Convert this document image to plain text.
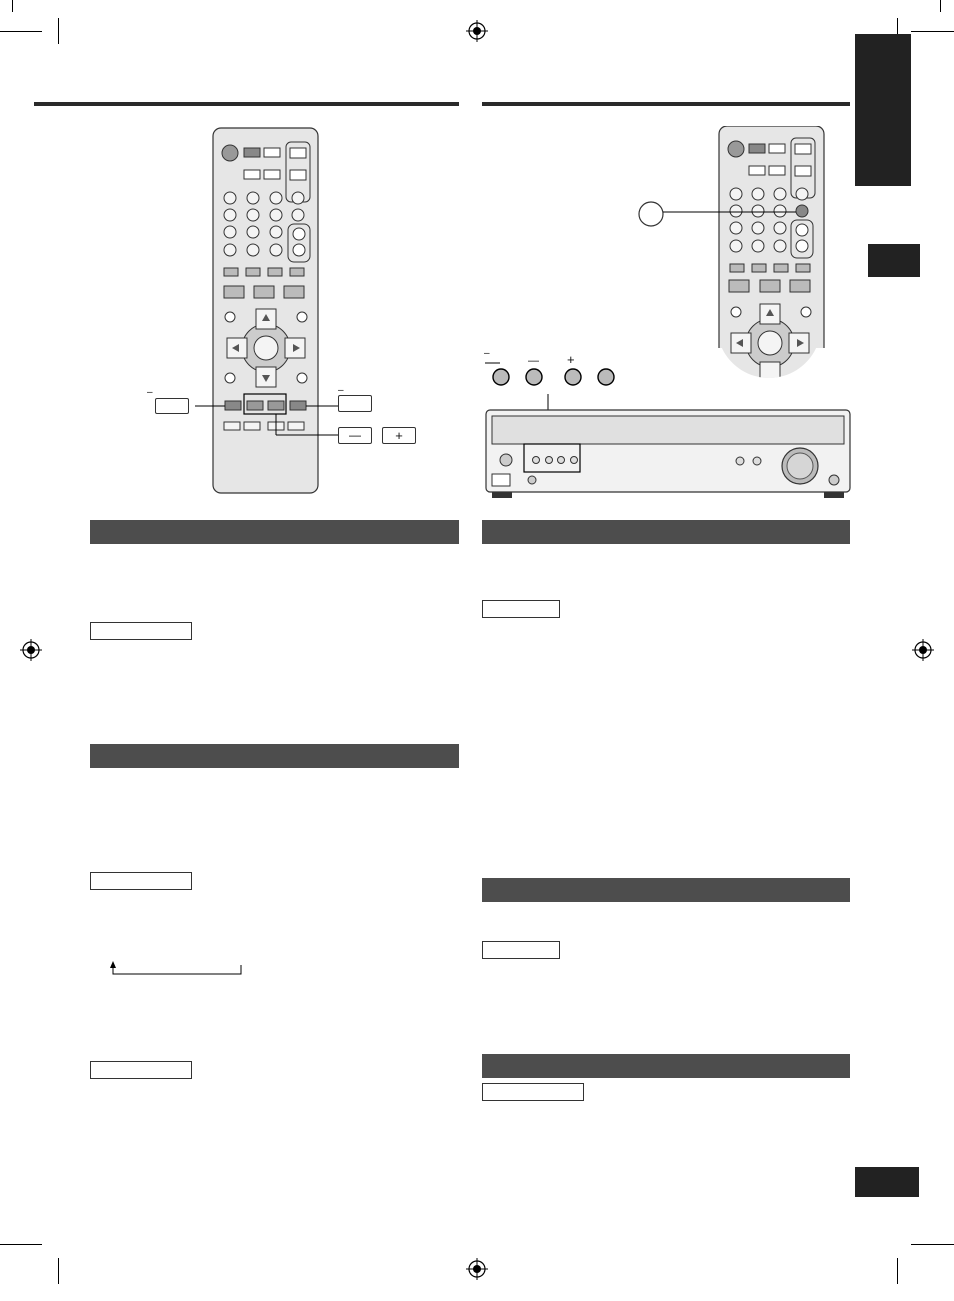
–	–
—	+
–
— +
